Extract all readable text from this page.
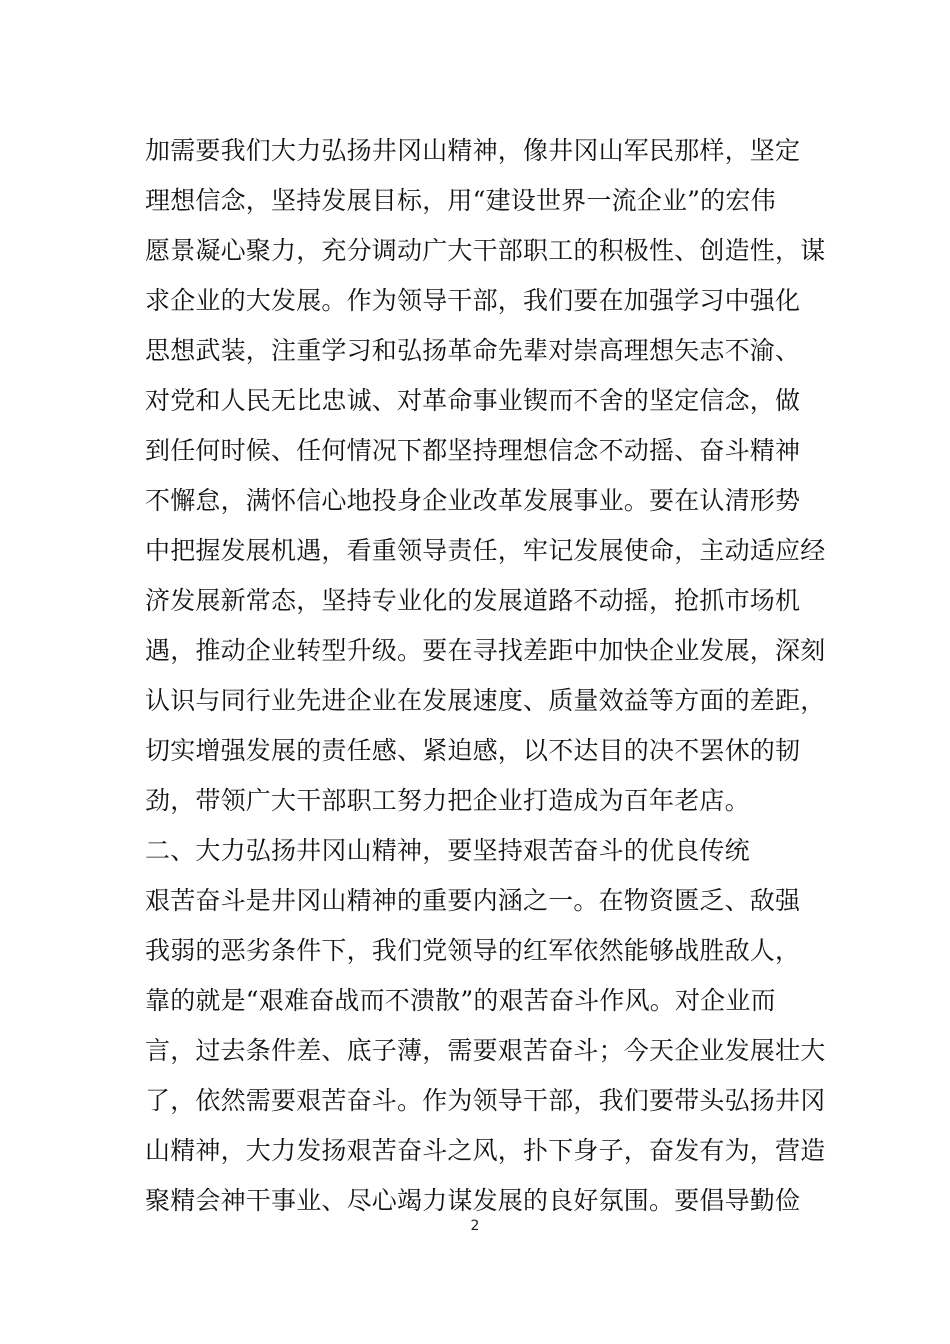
加需要我们大力弘扬井冈山精神，像井冈山军民那样，坚定
理想信念，坚持发展目标，用“建设世界一流企业”的宏伟
愿景凝心聚力，充分调动广大干部职工的积极性、创造性，谋
求企业的大发展。作为领导干部，我们要在加强学习中强化
思想武装，注重学习和弘扬革命先辈对崇高理想矢志不渝、
对党和人民无比忠诚、对革命事业锲而不舍的坚定信念，做
到任何时候、任何情况下都坚持理想信念不动摇、奋斗精神
不懈怠，满怀信心地投身企业改革发展事业。要在认清形势
中把握发展机遇，看重领导责任，牢记发展使命，主动适应经
济发展新常态，坚持专业化的发展道路不动摇，抢抓市场机
遇，推动企业转型升级。要在寻找差距中加快企业发展，深刻
认识与同行业先进企业在发展速度、质量效益等方面的差距，
切实增强发展的责任感、紧迫感，以不达目的决不罢休的韧
劲，带领广大干部职工努力把企业打造成为百年老店。
二、大力弘扬井冈山精神，要坚持艰苦奋斗的优良传统
艰苦奋斗是井冈山精神的重要内涵之一。在物资匮乏、敌强
我弱的恶劣条件下，我们党领导的红军依然能够战胜敌人，
靠的就是“艰难奋战而不溃散”的艰苦奋斗作风。对企业而
言，过去条件差、底子薄，需要艰苦奋斗；今天企业发展壮大
了，依然需要艰苦奋斗。作为领导干部，我们要带头弘扬井冈
山精神，大力发扬艰苦奋斗之风，扑下身子，奋发有为，营造
聚精会神干事业、尽心竭力谋发展的良好氛围。要倡导勤俭
2
